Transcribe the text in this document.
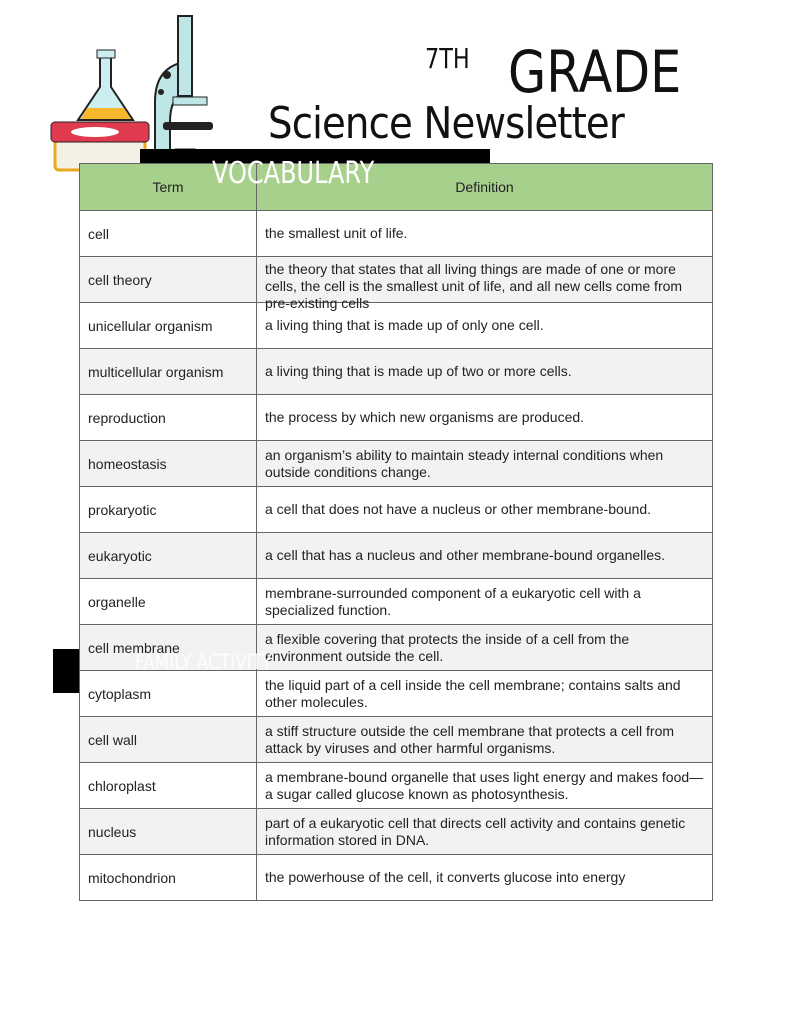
7TH GRADE
Science Newsletter
VOCABULARY
FAMILY ACTIVITY
Term	Definition
cell	the smallest unit of life.

cell theory	the theory that states that all living things are made of one or more cells, the cell is the smallest unit of life, and all new cells come from pre-existing cells

unicellular organism	a living thing that is made up of only one cell.

multicellular organism	a living thing that is made up of two or more cells.

reproduction	the process by which new organisms are produced.

homeostasis	an organism’s ability to maintain steady internal conditions when outside conditions change.

prokaryotic	a cell that does not have a nucleus or other membrane-bound.

eukaryotic	a cell that has a nucleus and other membrane-bound organelles.

organelle	membrane-surrounded component of a eukaryotic cell with a specialized function.

cell membrane	a flexible covering that protects the inside of a cell from the environment outside the cell.

cytoplasm	the liquid part of a cell inside the cell membrane; contains salts and other molecules.

cell wall	a stiff structure outside the cell membrane that protects a cell from attack by viruses and other harmful organisms.

chloroplast	a membrane-bound organelle that uses light energy and makes food—a sugar called glucose known as photosynthesis.

nucleus	part of a eukaryotic cell that directs cell activity and contains genetic information stored in DNA.

mitochondrion	the powerhouse of the cell, it converts glucose into energy
